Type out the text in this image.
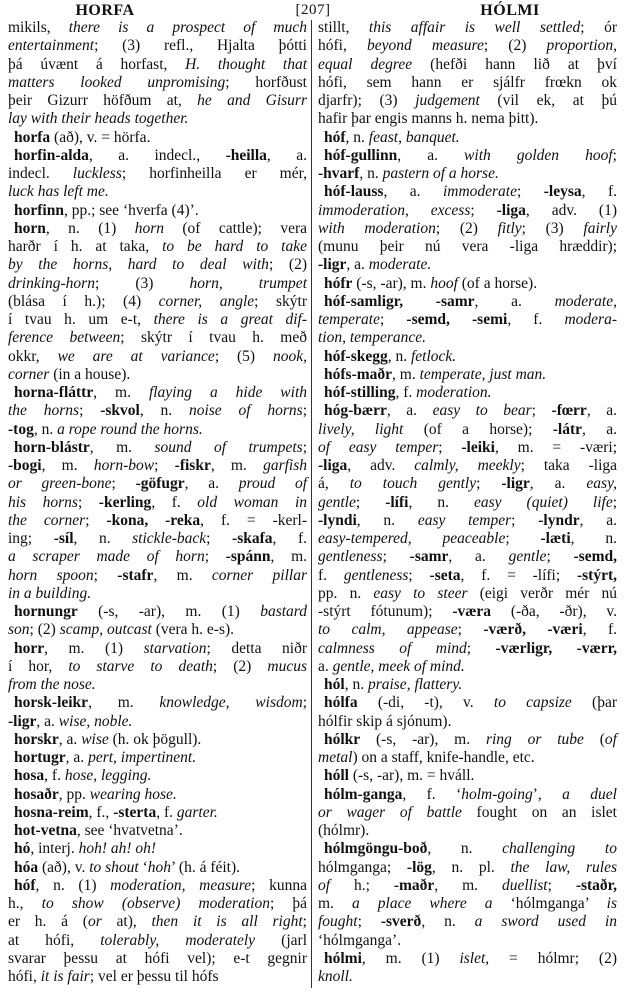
HORFA	[207]	HÓLMI
mikils, there is a prospect of much
entertainment; (3) refl., Hjalta þótti
þá úvænt á horfast, H. thought that
matters looked unpromising; horfðust
þeir Gizurr höfðum at, he and Gisurr
lay with their heads together.
horfa (að), v. = hörfa.
horfin-alda, a. indecl., -heilla, a.
indecl. luckless; horfinheilla er mér,
luck has left me.
horfinn, pp.; see ‘hverfa (4)’.
horn, n. (1) horn (of cattle); vera
harðr í h. at taka, to be hard to take
by the horns, hard to deal with; (2)
drinking-horn; (3) horn, trumpet
(blása í h.); (4) corner, angle; skýtr
í tvau h. um e-t, there is a great dif-
ference between; skýtr í tvau h. með
okkr, we are at variance; (5) nook,
corner (in a house).
horna-fláttr, m. flaying a hide with
the horns; -skvol, n. noise of horns;
-tog, n. a rope round the horns.
horn-blástr, m. sound of trumpets;
-bogi, m. horn-bow; -fiskr, m. garfish
or green-bone; -göfugr, a. proud of
his horns; -kerling, f. old woman in
the corner; -kona, -reka, f. = -kerl-
ing; -síl, n. stickle-back; -skafa, f.
a scraper made of horn; -spánn, m.
horn spoon; -stafr, m. corner pillar
in a building.
hornungr (-s, -ar), m. (1) bastard
son; (2) scamp, outcast (vera h. e-s).
horr, m. (1) starvation; detta niðr
í hor, to starve to death; (2) mucus
from the nose.
horsk-leikr, m. knowledge, wisdom;
-ligr, a. wise, noble.
horskr, a. wise (h. ok þögull).
hortugr, a. pert, impertinent.
hosa, f. hose, legging.
hosaðr, pp. wearing hose.
hosna-reim, f., -sterta, f. garter.
hot-vetna, see ‘hvatvetna’.
hó, interj. hoh! ah! oh!
hóa (að), v. to shout ‘hoh’ (h. á féit).
hóf, n. (1) moderation, measure; kunna
h., to show (observe) moderation; þá
er h. á (or at), then it is all right;
at hófi, tolerably, moderately (jarl
svarar þessu at hófi vel); e-t gegnir
hófi, it is fair; vel er þessu til hófs
stillt, this affair is well settled; ór
hófi, beyond measure; (2) proportion,
equal degree (hefði hann lið at því
hófi, sem hann er sjálfr frœkn ok
djarfr); (3) judgement (vil ek, at þú
hafir þar engis manns h. nema þitt).
hóf, n. feast, banquet.
hóf-gullinn, a. with golden hoof;
-hvarf, n. pastern of a horse.
hóf-lauss, a. immoderate; -leysa, f.
immoderation, excess; -liga, adv. (1)
with moderation; (2) fitly; (3) fairly
(munu þeir nú vera -liga hræddir);
-ligr, a. moderate.
hófr (-s, -ar), m. hoof (of a horse).
hóf-samligr, -samr, a. moderate,
temperate; -semd, -semi, f. modera-
tion, temperance.
hóf-skegg, n. fetlock.
hófs-maðr, m. temperate, just man.
hóf-stilling, f. moderation.
hóg-bærr, a. easy to bear; -fœrr, a.
lively, light (of a horse); -látr, a.
of easy temper; -leiki, m. = -væri;
-liga, adv. calmly, meekly; taka -liga
á, to touch gently; -ligr, a. easy,
gentle; -lífi, n. easy (quiet) life;
-lyndi, n. easy temper; -lyndr, a.
easy-tempered, peaceable; -læti, n.
gentleness; -samr, a. gentle; -semd,
f. gentleness; -seta, f. = -lífi; -stýrt,
pp. n. easy to steer (eigi verðr mér nú
-stýrt fótunum); -væra (-ða, -ðr), v.
to calm, appease; -værð, -væri, f.
calmness of mind; -værligr, -værr,
a. gentle, meek of mind.
hól, n. praise, flattery.
hólfa (-di, -t), v. to capsize (þar
hólfir skip á sjónum).
hólkr (-s, -ar), m. ring or tube (of
metal) on a staff, knife-handle, etc.
hóll (-s, -ar), m. = hváll.
hólm-ganga, f. ‘holm-going’, a duel
or wager of battle fought on an islet
(hólmr).
hólmgöngu-boð, n. challenging to
hólmganga; -lög, n. pl. the law, rules
of h.; -maðr, m. duellist; -staðr,
m. a place where a ‘hólmganga’ is
fought; -sverð, n. a sword used in
‘hólmganga’.
hólmi, m. (1) islet, = hólmr; (2)
knoll.
